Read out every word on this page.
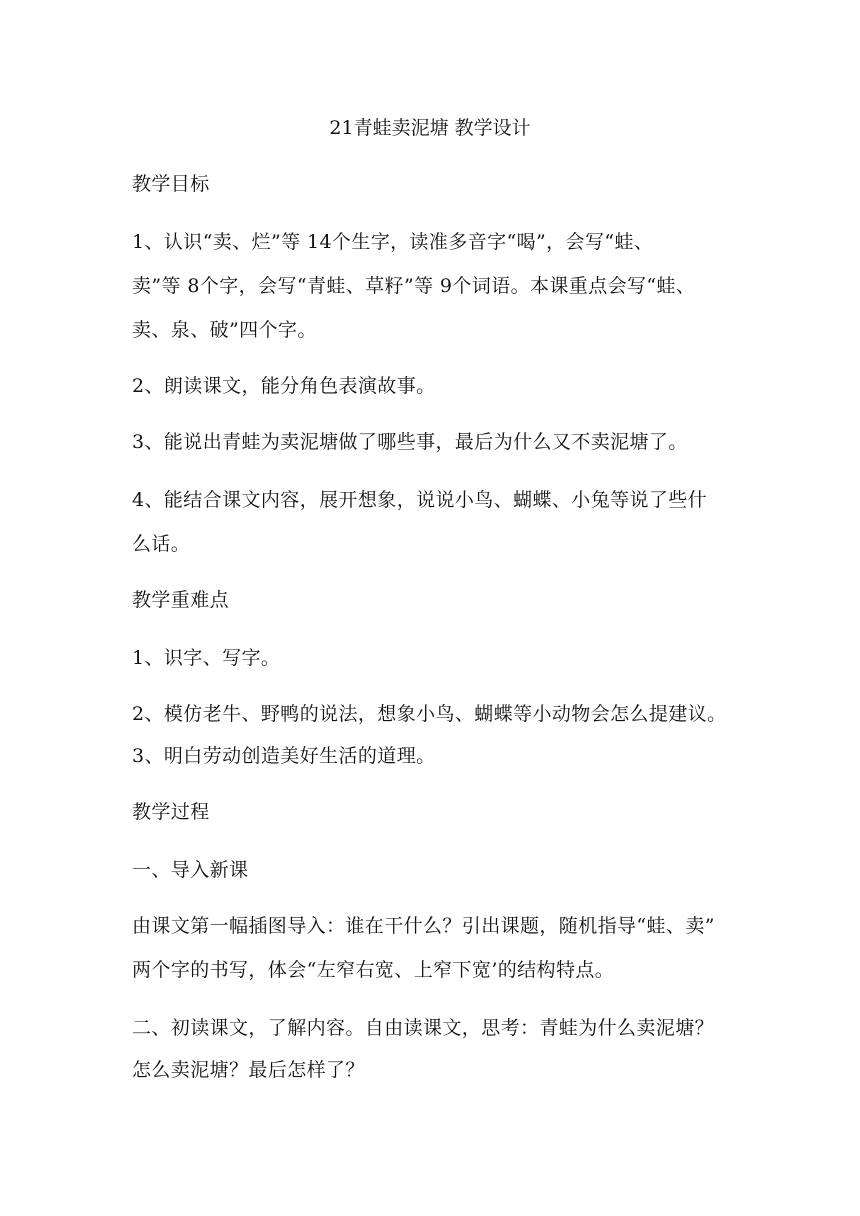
21青蛙卖泥塘 教学设计
教学目标
1、认识“卖、烂”等 14个生字，读准多音字“喝”，会写“蛙、
卖”等 8个字，会写“青蛙、草籽”等 9个词语。本课重点会写“蛙、
卖、泉、破”四个字。
2、朗读课文，能分角色表演故事。
3、能说出青蛙为卖泥塘做了哪些事，最后为什么又不卖泥塘了。
4、能结合课文内容，展开想象，说说小鸟、蝴蝶、小兔等说了些什
么话。
教学重难点
1、识字、写字。
2、模仿老牛、野鸭的说法，想象小鸟、蝴蝶等小动物会怎么提建议。
3、明白劳动创造美好生活的道理。
教学过程
一、导入新课
由课文第一幅插图导入：谁在干什么？引出课题，随机指导“蛙、卖”
两个字的书写，体会“左窄右宽、上窄下宽’的结构特点。
二、初读课文，了解内容。自由读课文，思考：青蛙为什么卖泥塘？
怎么卖泥塘？最后怎样了？
